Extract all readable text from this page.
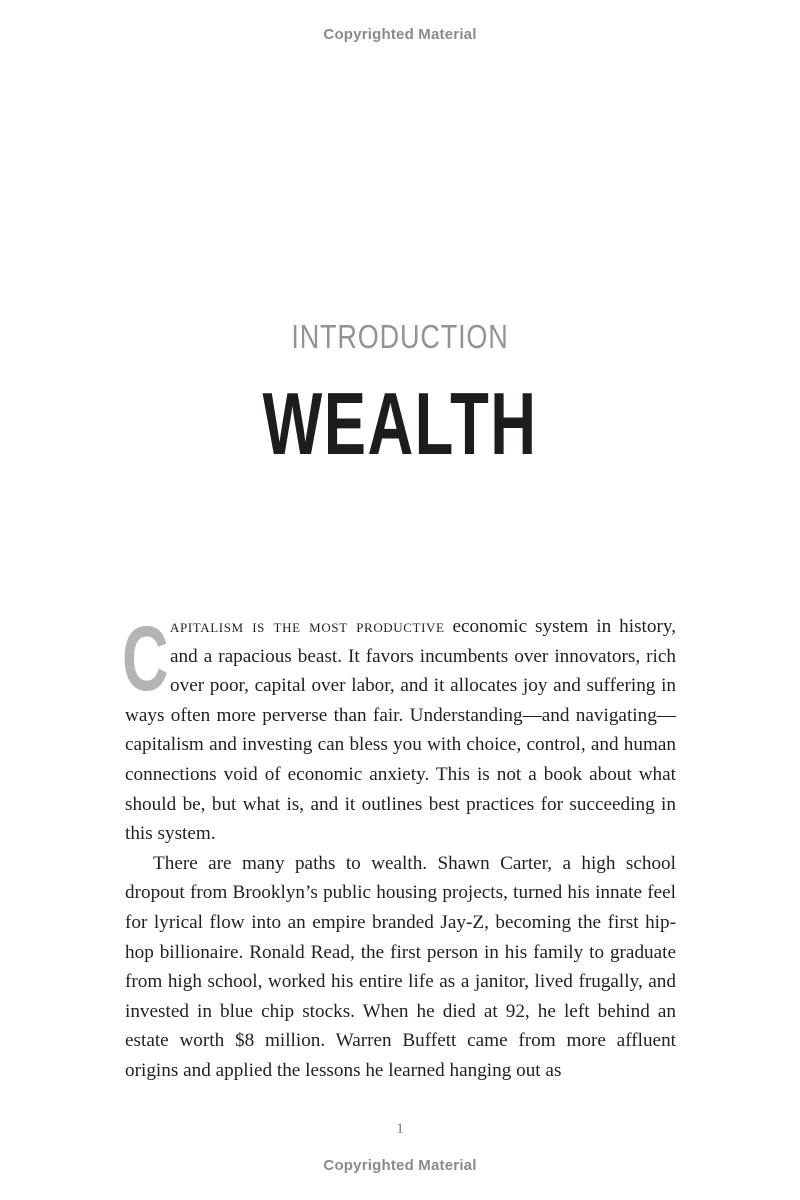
Copyrighted Material
INTRODUCTION
WEALTH

Capitalism is the most productive economic system in history, and a rapacious beast. It favors incumbents over innovators, rich over poor, capital over labor, and it allocates joy and suffering in ways often more perverse than fair. Understanding—and navigating—capitalism and investing can bless you with choice, control, and human connections void of economic anxiety. This is not a book about what should be, but what is, and it outlines best practices for succeeding in this system.

There are many paths to wealth. Shawn Carter, a high school dropout from Brooklyn’s public housing projects, turned his innate feel for lyrical flow into an empire branded Jay-Z, becoming the first hip-hop billionaire. Ronald Read, the first person in his family to graduate from high school, worked his entire life as a janitor, lived frugally, and invested in blue chip stocks. When he died at 92, he left behind an estate worth $8 million. Warren Buffett came from more affluent origins and applied the lessons he learned hanging out as

1
Copyrighted Material
